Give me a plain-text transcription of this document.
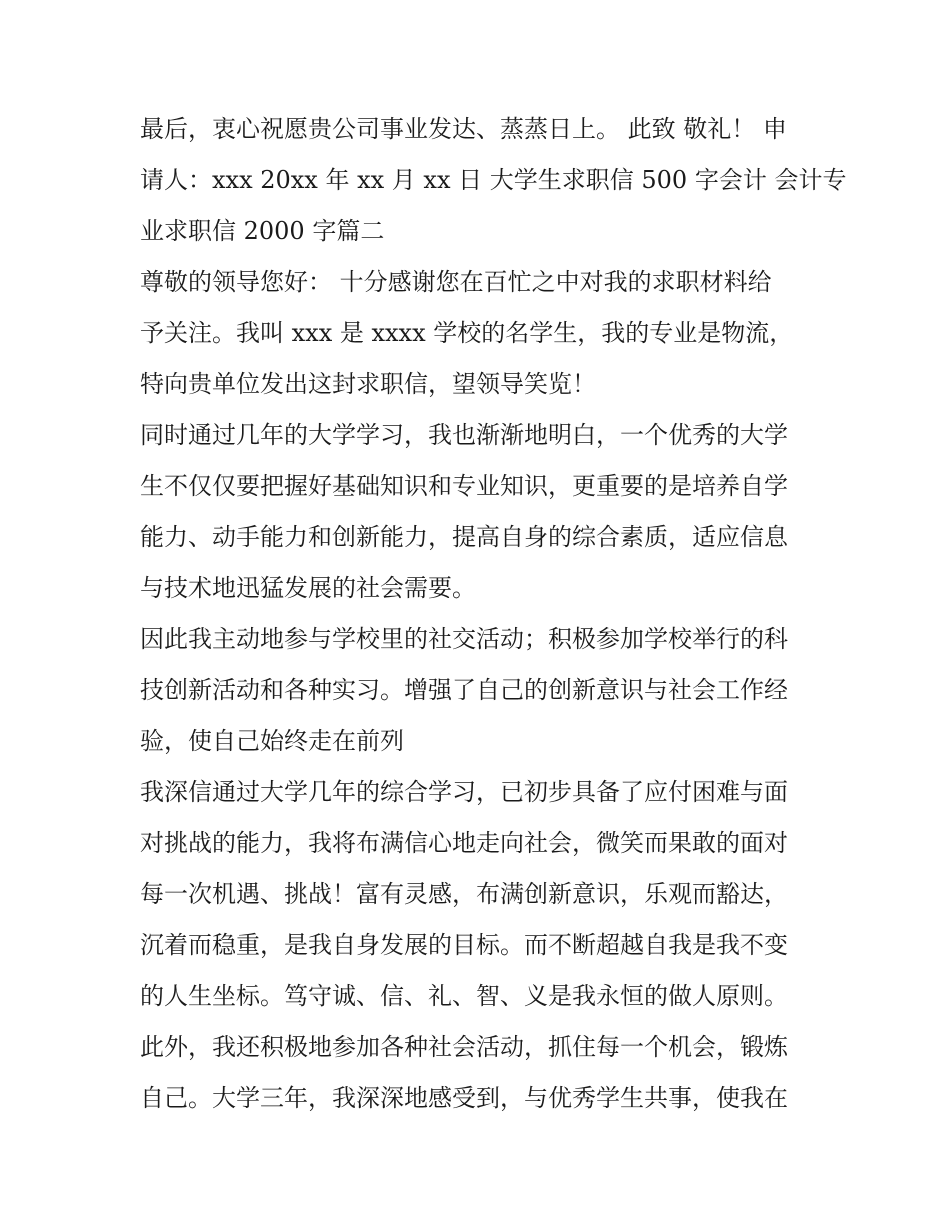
最后，衷心祝愿贵公司事业发达、蒸蒸日上。 此致 敬礼！ 申
请人：xxx 20xx 年 xx 月 xx 日 大学生求职信 500 字会计 会计专
业求职信 2000 字篇二
尊敬的领导您好： 十分感谢您在百忙之中对我的求职材料给
予关注。我叫 xxx 是 xxxx 学校的名学生，我的专业是物流，
特向贵单位发出这封求职信，望领导笑览！
同时通过几年的大学学习，我也渐渐地明白，一个优秀的大学
生不仅仅要把握好基础知识和专业知识，更重要的是培养自学
能力、动手能力和创新能力，提高自身的综合素质，适应信息
与技术地迅猛发展的社会需要。
因此我主动地参与学校里的社交活动；积极参加学校举行的科
技创新活动和各种实习。增强了自己的创新意识与社会工作经
验，使自己始终走在前列
我深信通过大学几年的综合学习，已初步具备了应付困难与面
对挑战的能力，我将布满信心地走向社会，微笑而果敢的面对
每一次机遇、挑战！富有灵感，布满创新意识，乐观而豁达，
沉着而稳重，是我自身发展的目标。而不断超越自我是我不变
的人生坐标。笃守诚、信、礼、智、义是我永恒的做人原则。
此外，我还积极地参加各种社会活动，抓住每一个机会，锻炼
自己。大学三年，我深深地感受到，与优秀学生共事，使我在
